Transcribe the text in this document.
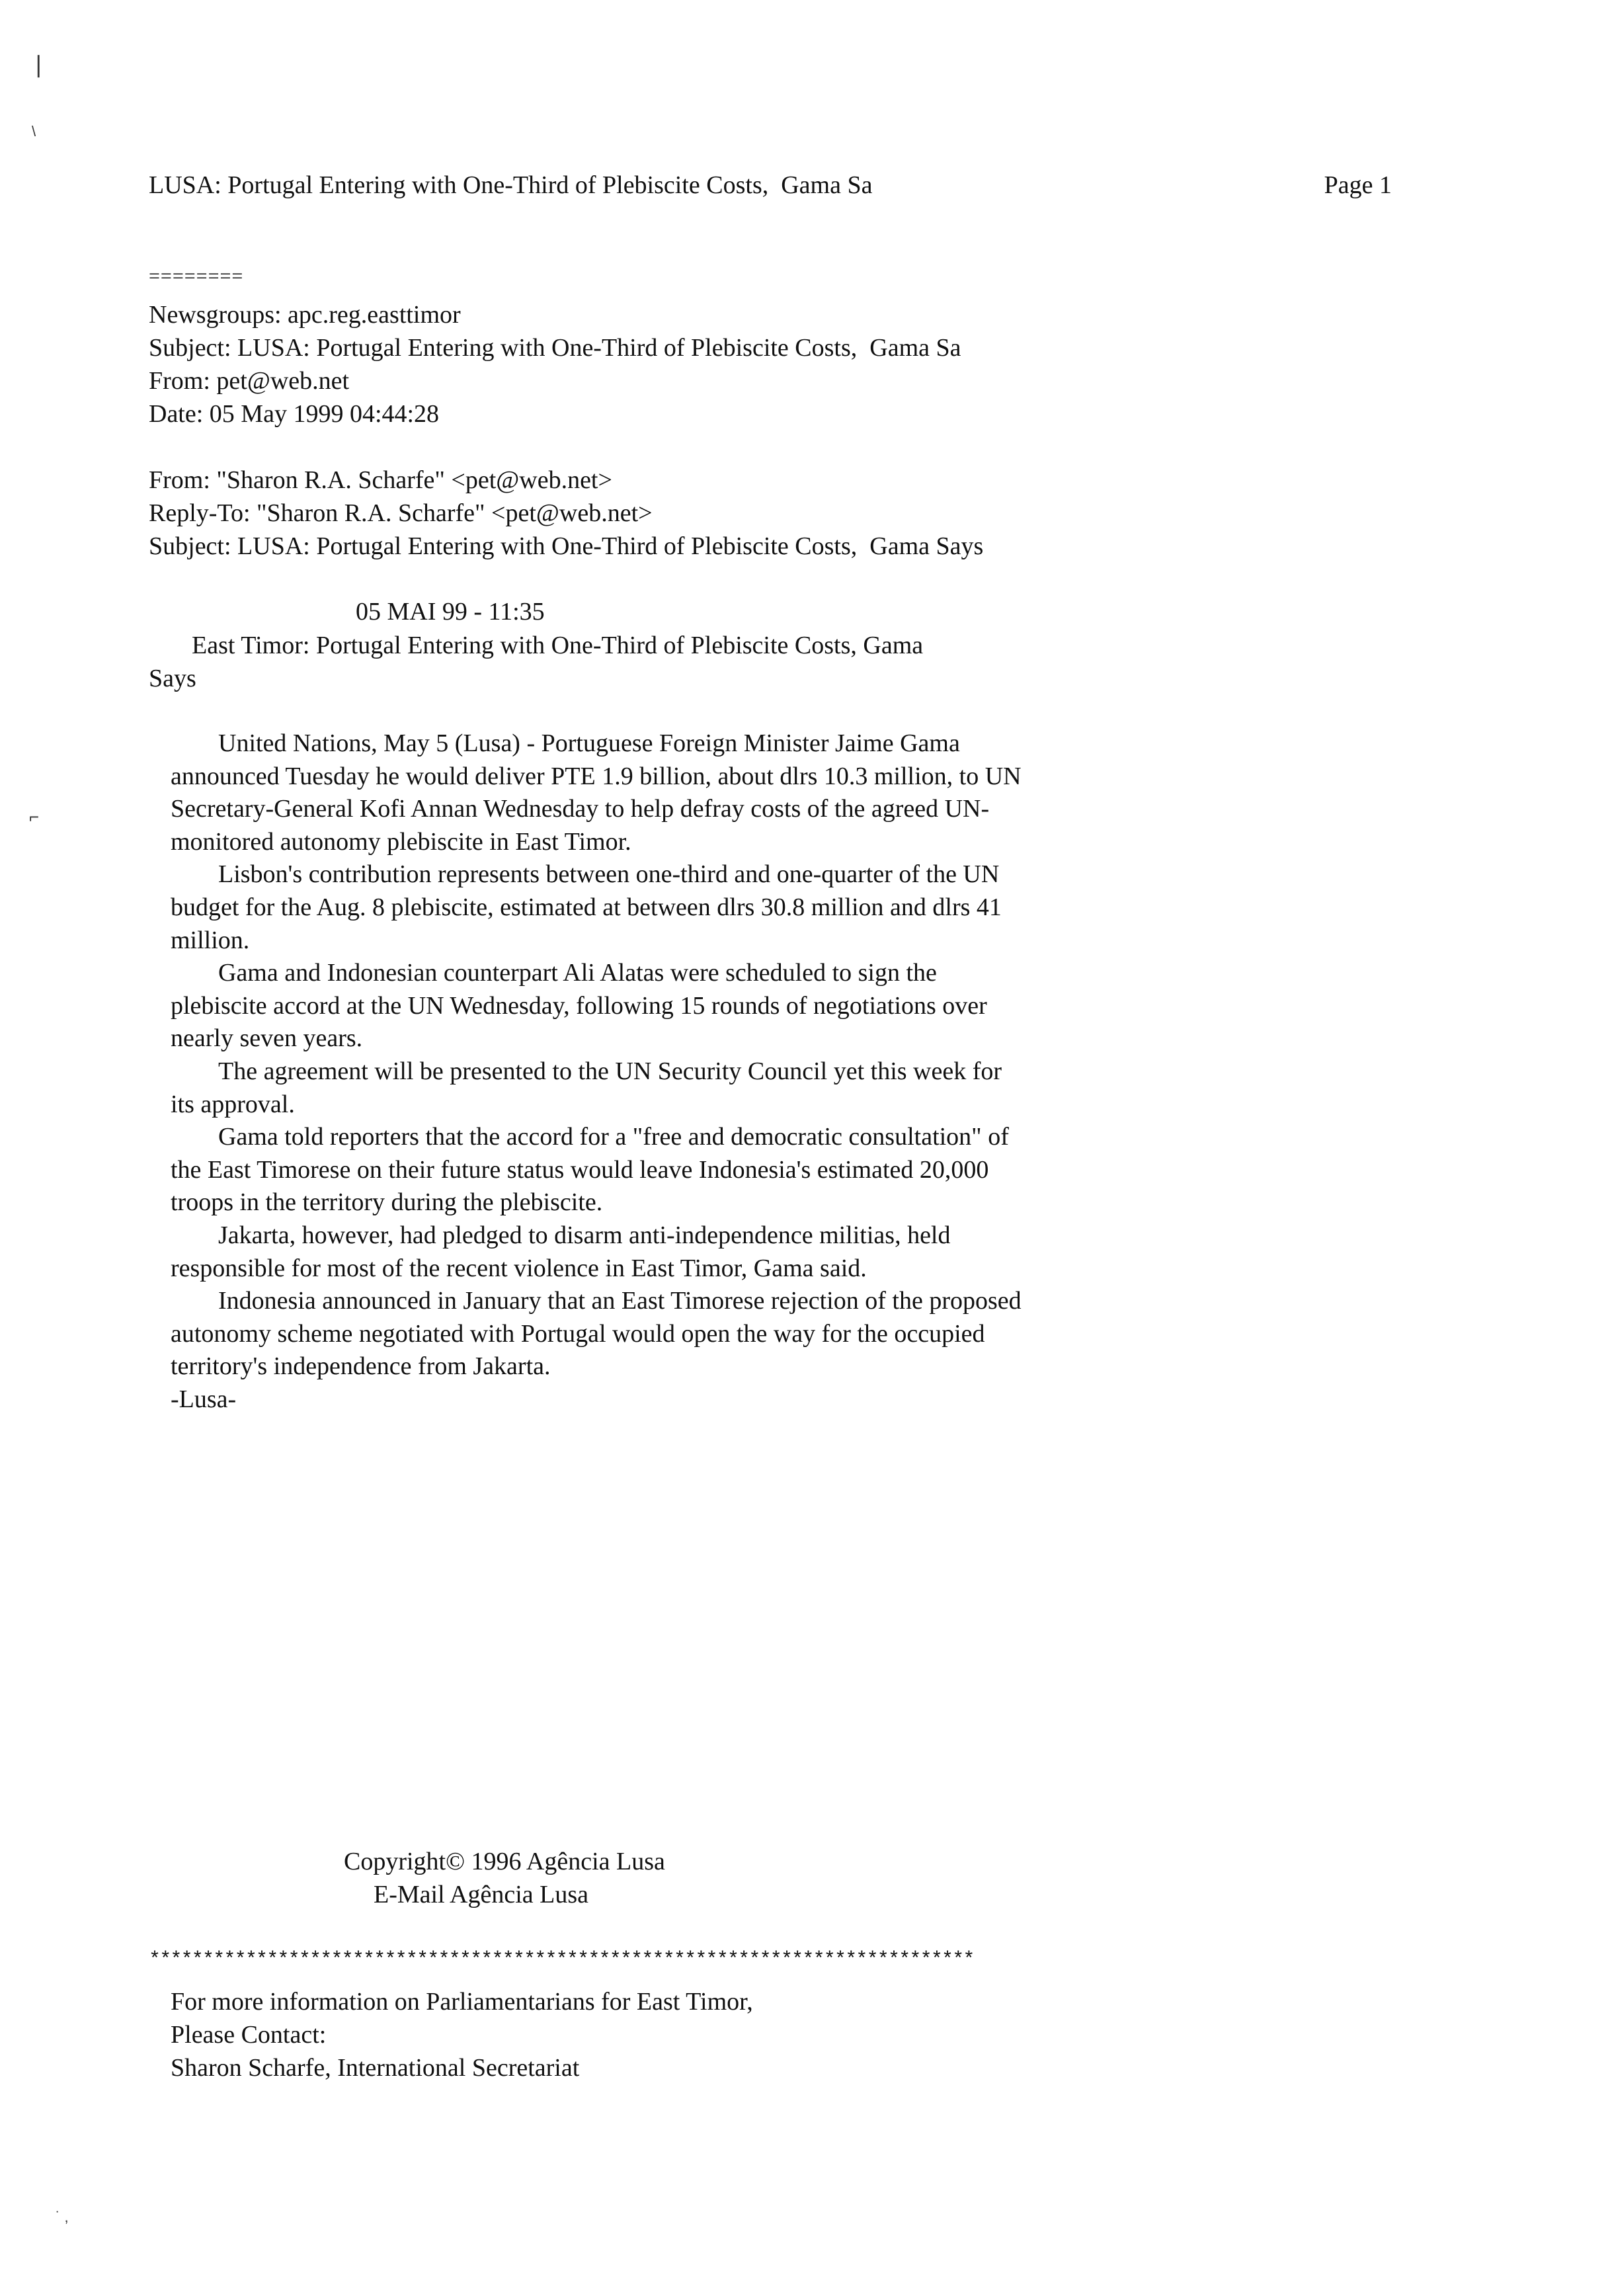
❘
\
⌐
˙ ,
LUSA: Portugal Entering with One-Third of Plebiscite Costs,  Gama Sa	Page 1
========
Newsgroups: apc.reg.easttimor
Subject: LUSA: Portugal Entering with One-Third of Plebiscite Costs,  Gama Sa
From: pet@web.net
Date: 05 May 1999 04:44:28
From: "Sharon R.A. Scharfe" <pet@web.net>
Reply-To: "Sharon R.A. Scharfe" <pet@web.net>
Subject: LUSA: Portugal Entering with One-Third of Plebiscite Costs,  Gama Says
05 MAI 99 - 11:35
East Timor: Portugal Entering with One-Third of Plebiscite Costs, Gama
Says

United Nations, May 5 (Lusa) - Portuguese Foreign Minister Jaime Gama announced Tuesday he would deliver PTE 1.9 billion, about dlrs 10.3 million, to UN Secretary-General Kofi Annan Wednesday to help defray costs of the agreed UN-monitored autonomy plebiscite in East Timor.

Lisbon's contribution represents between one-third and one-quarter of the UN budget for the Aug. 8 plebiscite, estimated at between dlrs 30.8 million and dlrs 41 million.

Gama and Indonesian counterpart Ali Alatas were scheduled to sign the plebiscite accord at the UN Wednesday, following 15 rounds of negotiations over nearly seven years.

The agreement will be presented to the UN Security Council yet this week for its approval.

Gama told reporters that the accord for a "free and democratic consultation" of the East Timorese on their future status would leave Indonesia's estimated 20,000 troops in the territory during the plebiscite.

Jakarta, however, had pledged to disarm anti-independence militias, held responsible for most of the recent violence in East Timor, Gama said.

Indonesia announced in January that an East Timorese rejection of the proposed autonomy scheme negotiated with Portugal would open the way for the occupied territory's independence from Jakarta.

-Lusa-

Copyright© 1996 Agência Lusa
E-Mail Agência Lusa
*****************************************************************************
For more information on Parliamentarians for East Timor,
Please Contact:
Sharon Scharfe, International Secretariat
